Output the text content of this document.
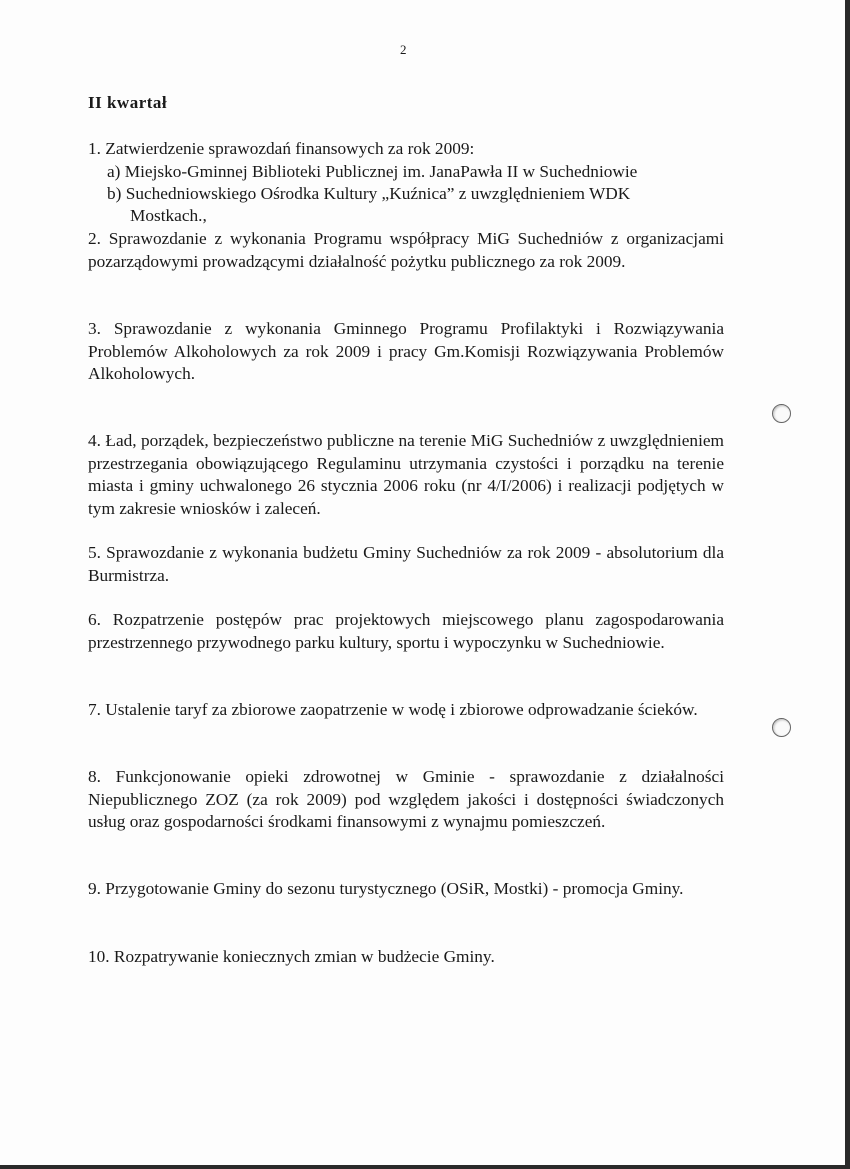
2
II kwartał

1. Zatwierdzenie sprawozdań finansowych za rok 2009:

a) Miejsko-Gminnej Biblioteki Publicznej im. JanaPawła II w Suchedniowie

b) Suchedniowskiego Ośrodka Kultury „Kuźnica” z uwzględnieniem WDK

Mostkach.,

2. Sprawozdanie z wykonania Programu współpracy MiG Suchedniów z organizacjami pozarządowymi prowadzącymi działalność pożytku publicznego za rok 2009.

3. Sprawozdanie z wykonania Gminnego Programu Profilaktyki i Rozwiązywania Problemów Alkoholowych za rok 2009 i pracy Gm.Komisji Rozwiązywania Problemów Alkoholowych.

4. Ład, porządek, bezpieczeństwo publiczne na terenie MiG Suchedniów z uwzględnieniem przestrzegania obowiązującego Regulaminu utrzymania czystości i porządku na terenie miasta i gminy uchwalonego 26 stycznia 2006 roku (nr 4/I/2006) i realizacji podjętych w tym zakresie wniosków i zaleceń.

5. Sprawozdanie z wykonania budżetu Gminy Suchedniów za rok 2009 - absolutorium dla Burmistrza.

6. Rozpatrzenie postępów prac projektowych miejscowego planu zagospodarowania przestrzennego przywodnego parku kultury, sportu i wypoczynku w Suchedniowie.

7. Ustalenie taryf za zbiorowe zaopatrzenie w wodę i zbiorowe odprowadzanie ścieków.

8. Funkcjonowanie opieki zdrowotnej w Gminie - sprawozdanie z działalności Niepublicznego ZOZ (za rok 2009) pod względem jakości i dostępności świadczonych usług oraz gospodarności środkami finansowymi z wynajmu pomieszczeń.

9. Przygotowanie Gminy do sezonu turystycznego (OSiR, Mostki) - promocja Gminy.

10. Rozpatrywanie koniecznych zmian w budżecie Gminy.
